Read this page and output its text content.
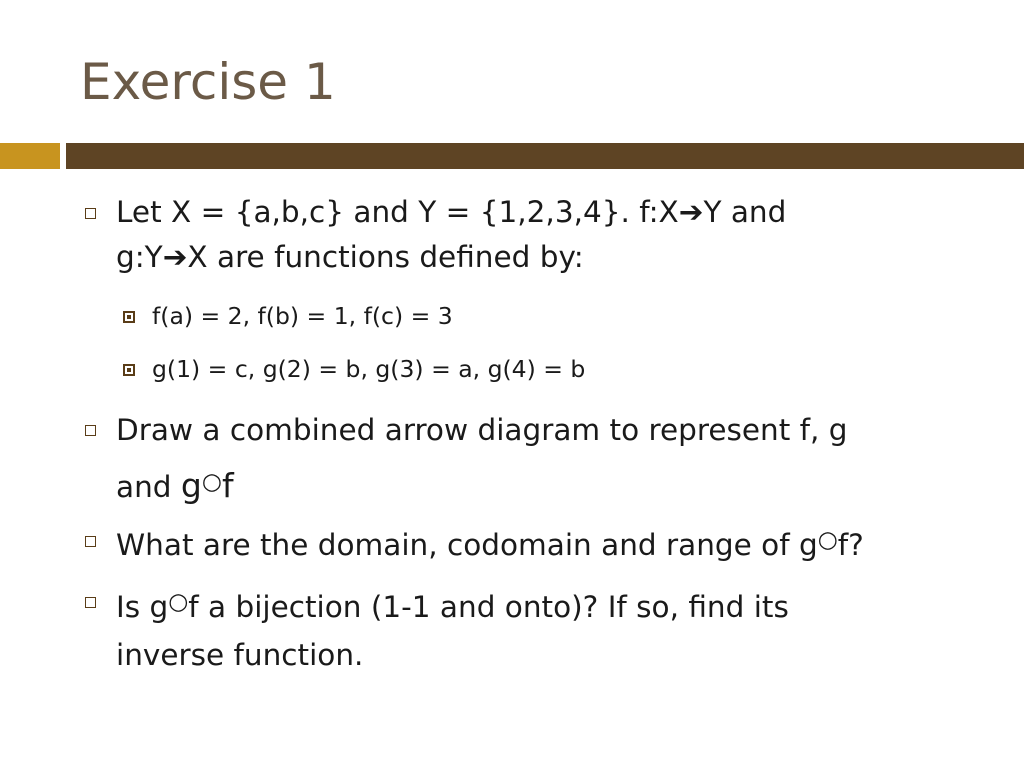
Exercise 1
Let X = {a,b,c} and Y = {1,2,3,4}. f:X➔Y and
g:Y➔X are functions defined by:
f(a) = 2, f(b) = 1, f(c) = 3
g(1) = c, g(2) = b, g(3) = a, g(4) = b
Draw a combined arrow diagram to represent f, g
and g○f
What are the domain, codomain and range of g○f?
Is g○f a bijection (1-1 and onto)? If so, find its
inverse function.
